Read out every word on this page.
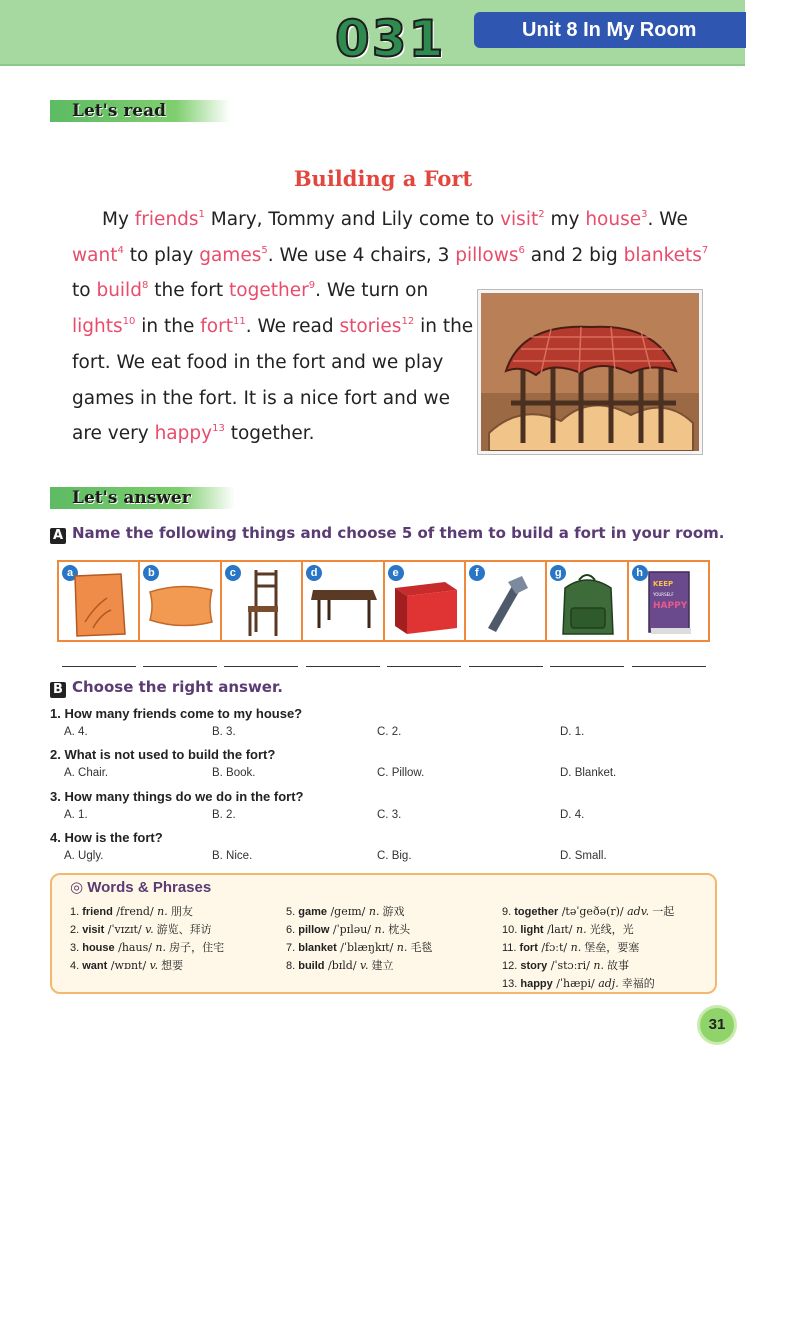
031	Unit 8 In My Room
Let's read
Building a Fort

My friends$^1$ Mary, Tommy and Lily come to visit$^2$ my house$^3$. We

want$^4$ to play games$^5$. We use 4 chairs, 3 pillows$^6$ and 2 big blankets$^7$

to build$^8$ the fort together$^9$. We turn on

lights$^{10}$ in the fort$^{11}$. We read stories$^{12}$ in the

fort. We eat food in the fort and we play

games in the fort. It is a nice fort and we

are very happy$^{13}$ together.

Let's answer
A Name the following things and choose 5 of them to build a fort in your room.
a	b	c	d	e	f	g	h
KEEP
YOURSELF
HAPPY
B Choose the right answer.
1. How many friends come to my house?
A. 4.	B. 3.	C. 2.	D. 1.
2. What is not used to build the fort?
A. Chair.	B. Book.	C. Pillow.	D. Blanket.
3. How many things do we do in the fort?
A. 1.	B. 2.	C. 3.	D. 4.
4. How is the fort?
A. Ugly.	B. Nice.	C. Big.	D. Small.
◎ Words & Phrases
1. friend /frend/ n. 朋友
2. visit /ˈvɪzɪt/ v. 游览、拜访
3. house /haus/ n. 房子，住宅
4. want /wɒnt/ v. 想要
5. game /geɪm/ n. 游戏
6. pillow /ˈpɪləu/ n. 枕头
7. blanket /ˈblæŋkɪt/ n. 毛毯
8. build /bɪld/ v. 建立
9. together /təˈgeðə(r)/ adv. 一起
10. light /laɪt/ n. 光线，光
11. fort /fɔːt/ n. 堡垒，要塞
12. story /ˈstɔːri/ n. 故事
13. happy /ˈhæpi/ adj. 幸福的
31
